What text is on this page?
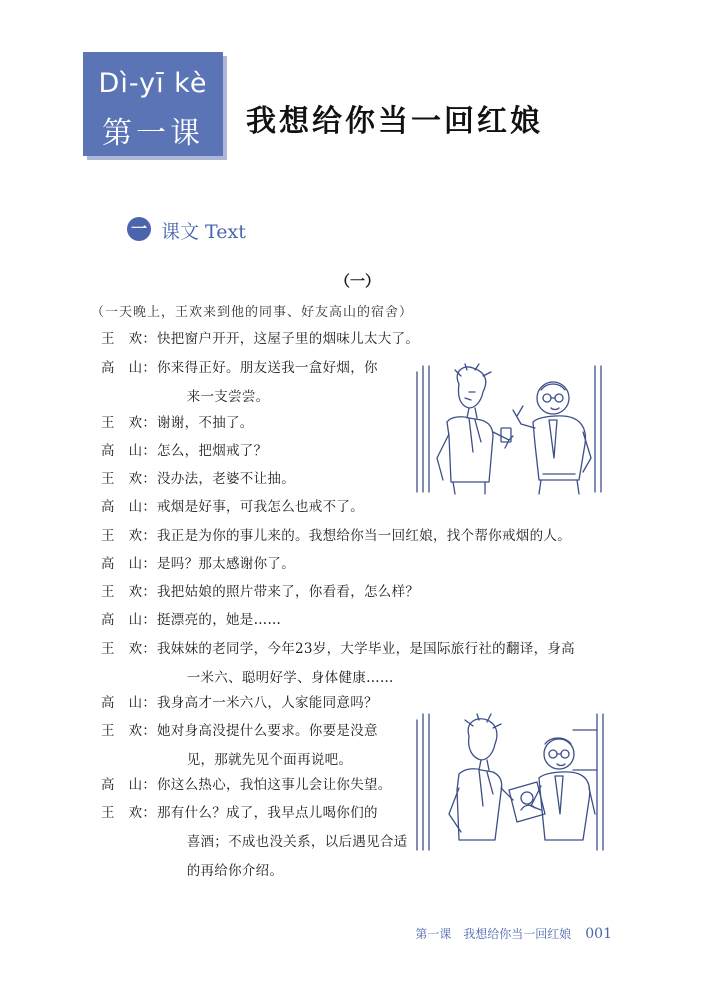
Dì-yī kè
第一课	我想给你当一回红娘
一 课文 Text
（一）
（一天晚上，王欢来到他的同事、好友高山的宿舍）
王　欢： 快把窗户开开，这屋子里的烟味儿太大了。
高　山： 你来得正好。朋友送我一盒好烟，你
来一支尝尝。
王　欢： 谢谢，不抽了。
高　山： 怎么，把烟戒了？
王　欢： 没办法，老婆不让抽。
高　山： 戒烟是好事，可我怎么也戒不了。
王　欢： 我正是为你的事儿来的。我想给你当一回红娘，找个帮你戒烟的人。
高　山： 是吗？那太感谢你了。
王　欢： 我把姑娘的照片带来了，你看看，怎么样？
高　山： 挺漂亮的，她是……
王　欢： 我妹妹的老同学，今年23岁，大学毕业，是国际旅行社的翻译，身高
一米六、聪明好学、身体健康……
高　山： 我身高才一米六八，人家能同意吗？
王　欢： 她对身高没提什么要求。你要是没意
见，那就先见个面再说吧。
高　山： 你这么热心，我怕这事儿会让你失望。
王　欢： 那有什么？成了，我早点儿喝你们的
喜酒；不成也没关系，以后遇见合适
的再给你介绍。
第一课　我想给你当一回红娘 001
